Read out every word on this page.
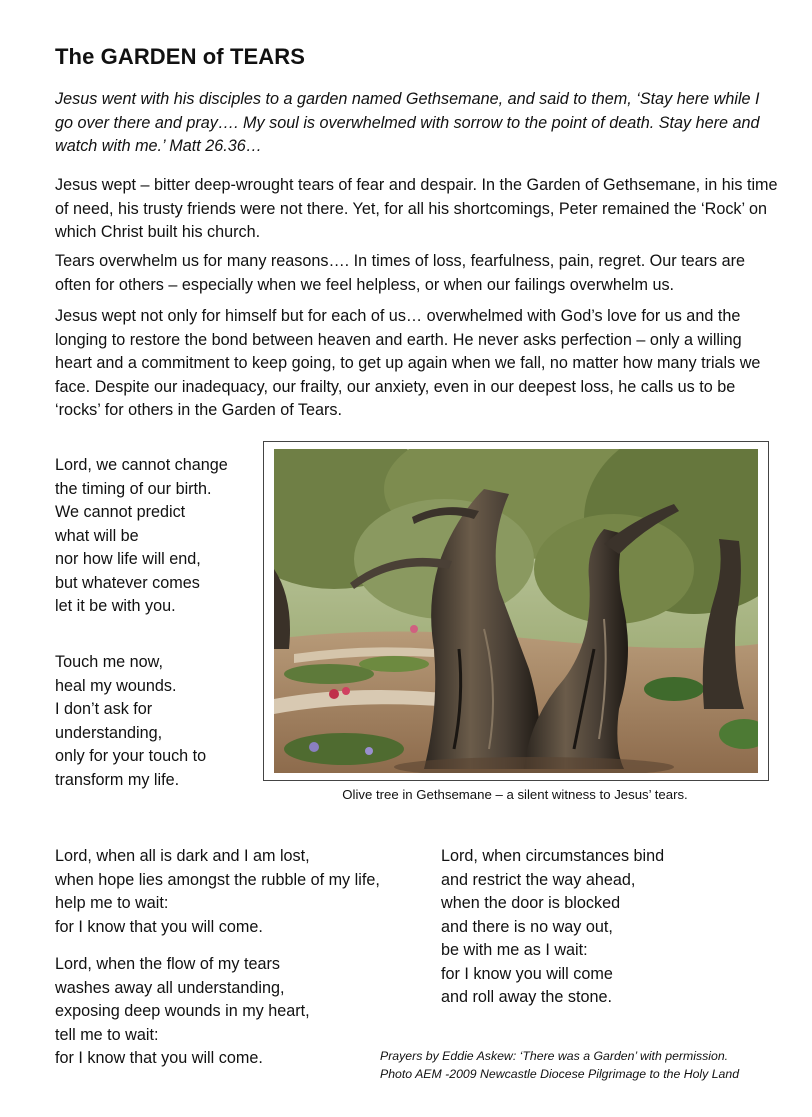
The GARDEN of TEARS

Jesus went with his disciples to a garden named Gethsemane, and said to them, ‘Stay here while I go over there and pray…. My soul is overwhelmed with sorrow to the point of death. Stay here and watch with me.’ Matt 26.36…

Jesus wept – bitter deep-wrought tears of fear and despair. In the Garden of Gethsemane, in his time of need, his trusty friends were not there. Yet, for all his shortcomings, Peter remained the ‘Rock’ on which Christ built his church.

Tears overwhelm us for many reasons…. In times of loss, fearfulness, pain, regret. Our tears are often for others – especially when we feel helpless, or when our failings overwhelm us.

Jesus wept not only for himself but for each of us… overwhelmed with God’s love for us and the longing to restore the bond between heaven and earth. He never asks perfection – only a willing heart and a commitment to keep going, to get up again when we fall, no matter how many trials we face. Despite our inadequacy, our frailty, our anxiety, even in our deepest loss, he calls us to be ‘rocks’ for others in the Garden of Tears.

Lord, we cannot change
the timing of our birth.
We cannot predict
what will be
nor how life will end,
but whatever comes
let it be with you.

Touch me now,
heal my wounds.
I don’t ask for
understanding,
only for your touch to
transform my life.

Olive tree in Gethsemane – a silent witness to Jesus’ tears.

Lord, when all is dark and I am lost,
when hope lies amongst the rubble of my life,
help me to wait:
for I know that you will come.

Lord, when the flow of my tears
washes away all understanding,
exposing deep wounds in my heart,
tell me to wait:
for I know that you will come.

Lord, when circumstances bind
and restrict the way ahead,
when the door is blocked
and there is no way out,
be with me as I wait:
for I know you will come
and roll away the stone.

Prayers by Eddie Askew: ‘There was a Garden’ with permission.
Photo AEM -2009 Newcastle Diocese Pilgrimage to the Holy Land
